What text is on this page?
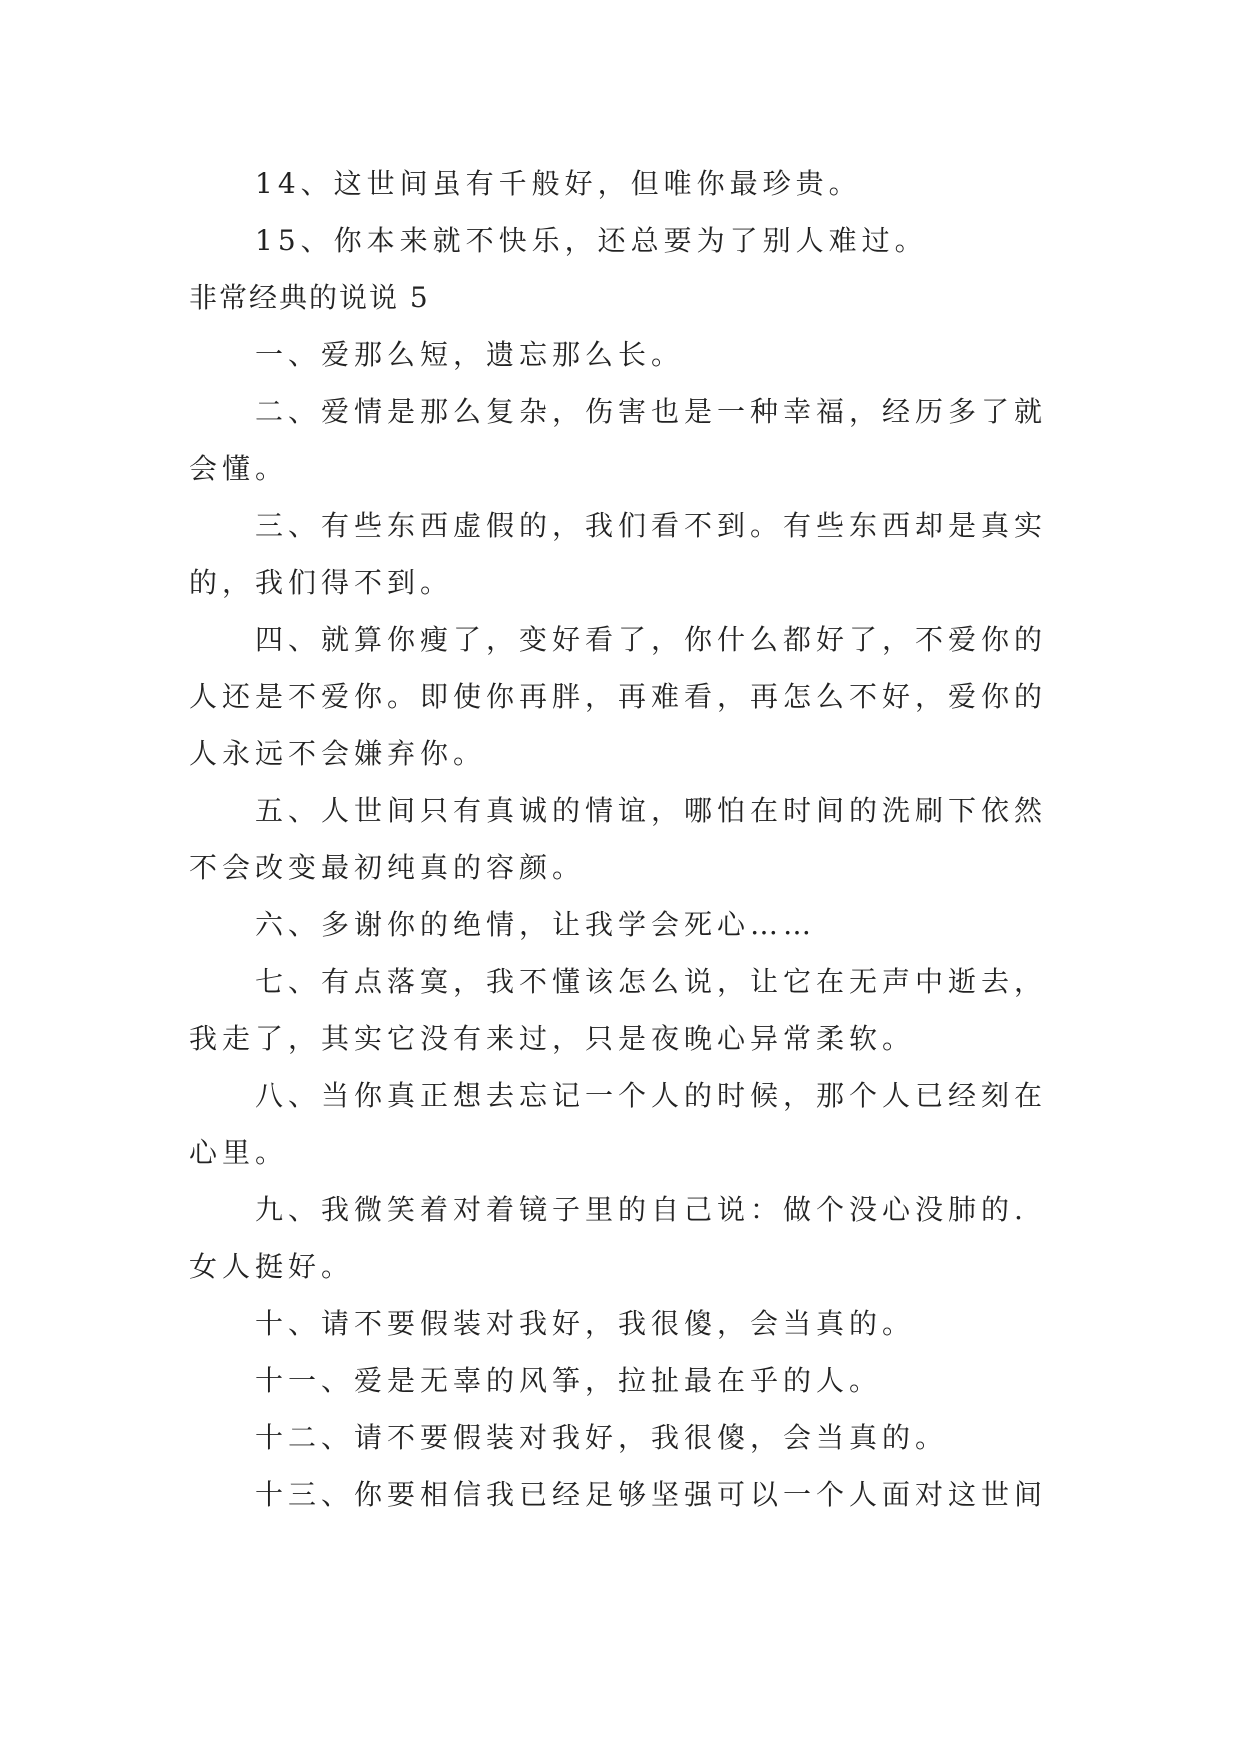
14、这世间虽有千般好，但唯你最珍贵。

15、你本来就不快乐，还总要为了别人难过。

非常经典的说说 5

一、爱那么短，遗忘那么长。

二、爱情是那么复杂，伤害也是一种幸福，经历多了就会懂。

三、有些东西虚假的，我们看不到。有些东西却是真实的，我们得不到。

四、就算你瘦了，变好看了，你什么都好了，不爱你的人还是不爱你。即使你再胖，再难看，再怎么不好，爱你的人永远不会嫌弃你。

五、人世间只有真诚的情谊，哪怕在时间的洗刷下依然不会改变最初纯真的容颜。

六、多谢你的绝情，让我学会死心……

七、有点落寞，我不懂该怎么说，让它在无声中逝去，我走了，其实它没有来过，只是夜晚心异常柔软。

八、当你真正想去忘记一个人的时候，那个人已经刻在心里。

九、我微笑着对着镜子里的自己说：做个没心没肺的.女人挺好。

十、请不要假装对我好，我很傻，会当真的。

十一、爱是无辜的风筝，拉扯最在乎的人。

十二、请不要假装对我好，我很傻，会当真的。

十三、你要相信我已经足够坚强可以一个人面对这世间
